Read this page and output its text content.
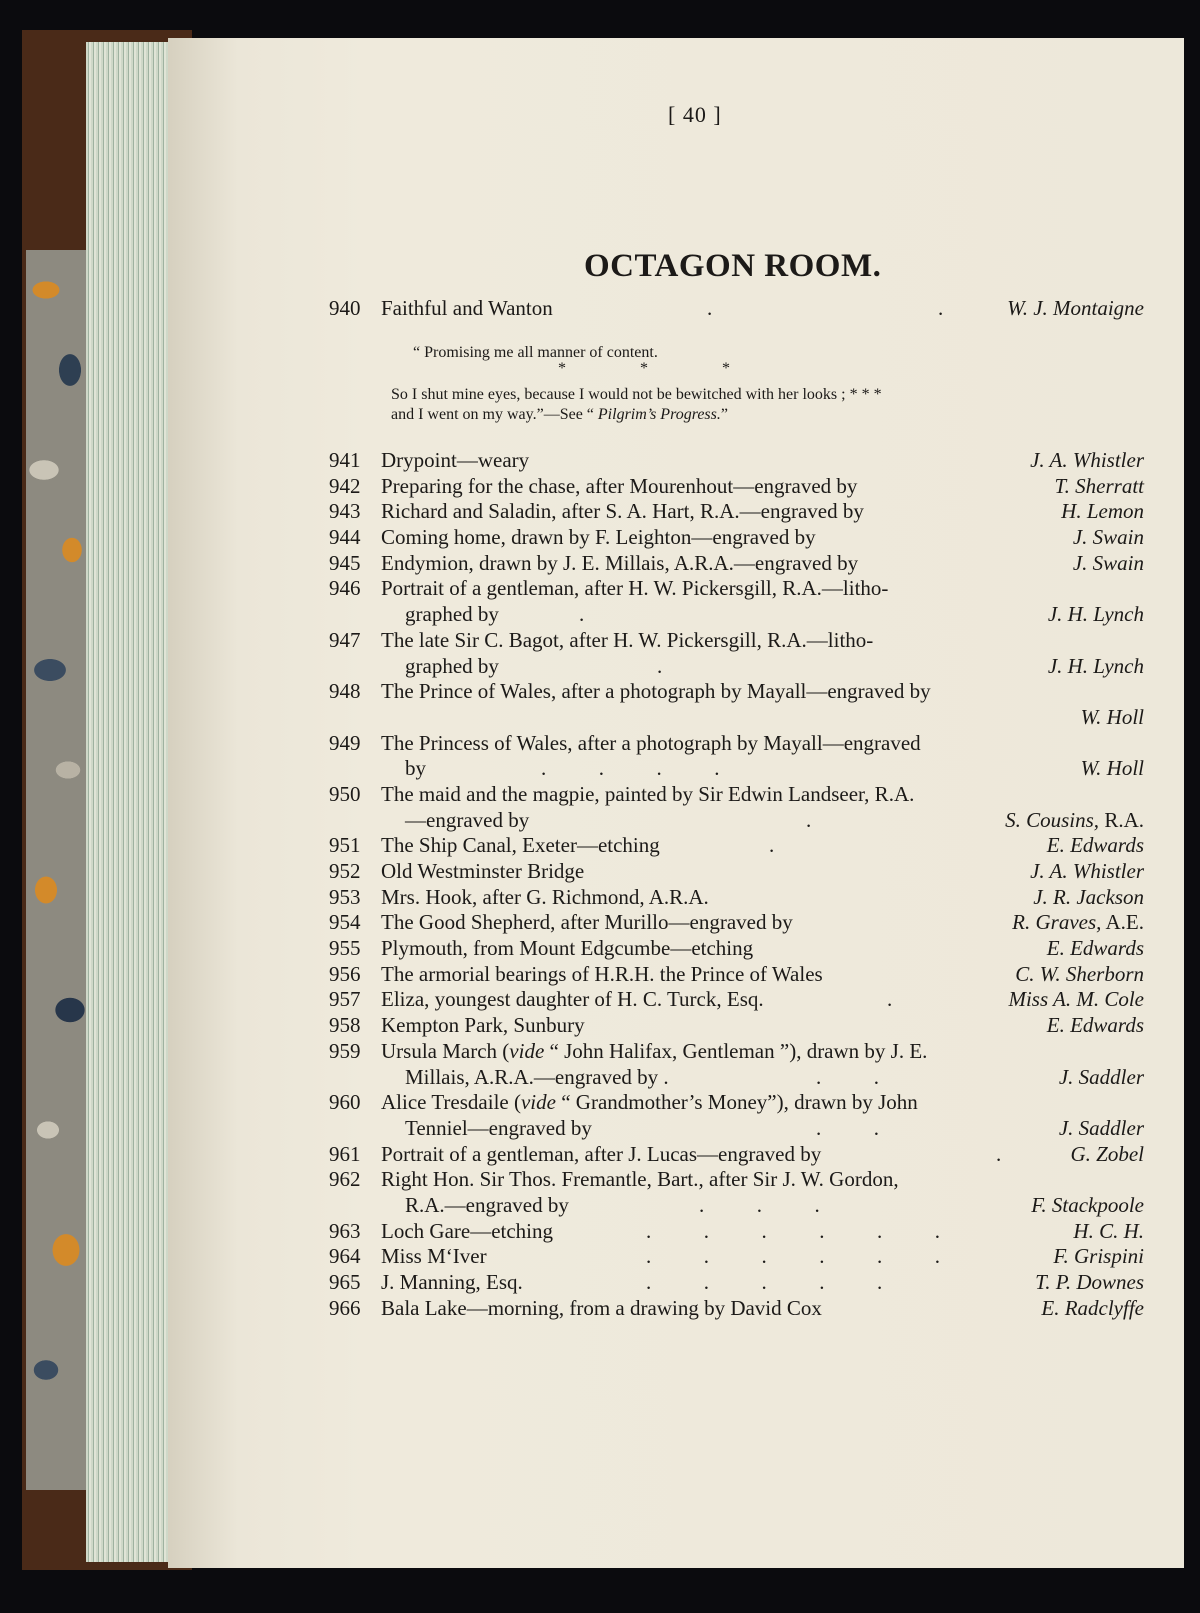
[ 40 ]
OCTAGON ROOM.
940 Faithful and Wanton	.	.	W. J. Montaigne
“ Promising me all manner of content.
* * *
So I shut mine eyes, because I would not be bewitched with her looks ; * * *
and I went on my way.”—See “ Pilgrim’s Progress.”
941 Drypoint—weary	J. A. Whistler
942 Preparing for the chase, after Mourenhout—engraved by	T. Sherratt
943 Richard and Saladin, after S. A. Hart, R.A.—engraved by	H. Lemon
944 Coming home, drawn by F. Leighton—engraved by	J. Swain
945 Endymion, drawn by J. E. Millais, A.R.A.—engraved by	J. Swain
946 Portrait of a gentleman, after H. W. Pickersgill, R.A.—litho-
graphed by	.	J. H. Lynch
947 The late Sir C. Bagot, after H. W. Pickersgill, R.A.—litho-
graphed by	.	J. H. Lynch
948 The Prince of Wales, after a photograph by Mayall—engraved by
W. Holl
949 The Princess of Wales, after a photograph by Mayall—engraved
by	.          .          .          .	W. Holl
950 The maid and the magpie, painted by Sir Edwin Landseer, R.A.
—engraved by	.	S. Cousins, R.A.
951 The Ship Canal, Exeter—etching	.	E. Edwards
952 Old Westminster Bridge	J. A. Whistler
953 Mrs. Hook, after G. Richmond, A.R.A.	J. R. Jackson
954 The Good Shepherd, after Murillo—engraved by	R. Graves, A.E.
955 Plymouth, from Mount Edgcumbe—etching	E. Edwards
956 The armorial bearings of H.R.H. the Prince of Wales	C. W. Sherborn
957 Eliza, youngest daughter of H. C. Turck, Esq.	.	Miss A. M. Cole
958 Kempton Park, Sunbury	E. Edwards
959 Ursula March (vide “ John Halifax, Gentleman ”), drawn by J. E.
Millais, A.R.A.—engraved by .	.          .	J. Saddler
960 Alice Tresdaile (vide “ Grandmother’s Money”), drawn by John
Tenniel—engraved by	.          .	J. Saddler
961 Portrait of a gentleman, after J. Lucas—engraved by	.	G. Zobel
962 Right Hon. Sir Thos. Fremantle, Bart., after Sir J. W. Gordon,
R.A.—engraved by	.          .          .	F. Stackpoole
963 Loch Gare—etching	.          .          .          .          .          .	H. C. H.
964 Miss M‘Iver	.          .          .          .          .          .	F. Grispini
965 J. Manning, Esq.	.          .          .          .          .	T. P. Downes
966 Bala Lake—morning, from a drawing by David Cox	E. Radclyffe
